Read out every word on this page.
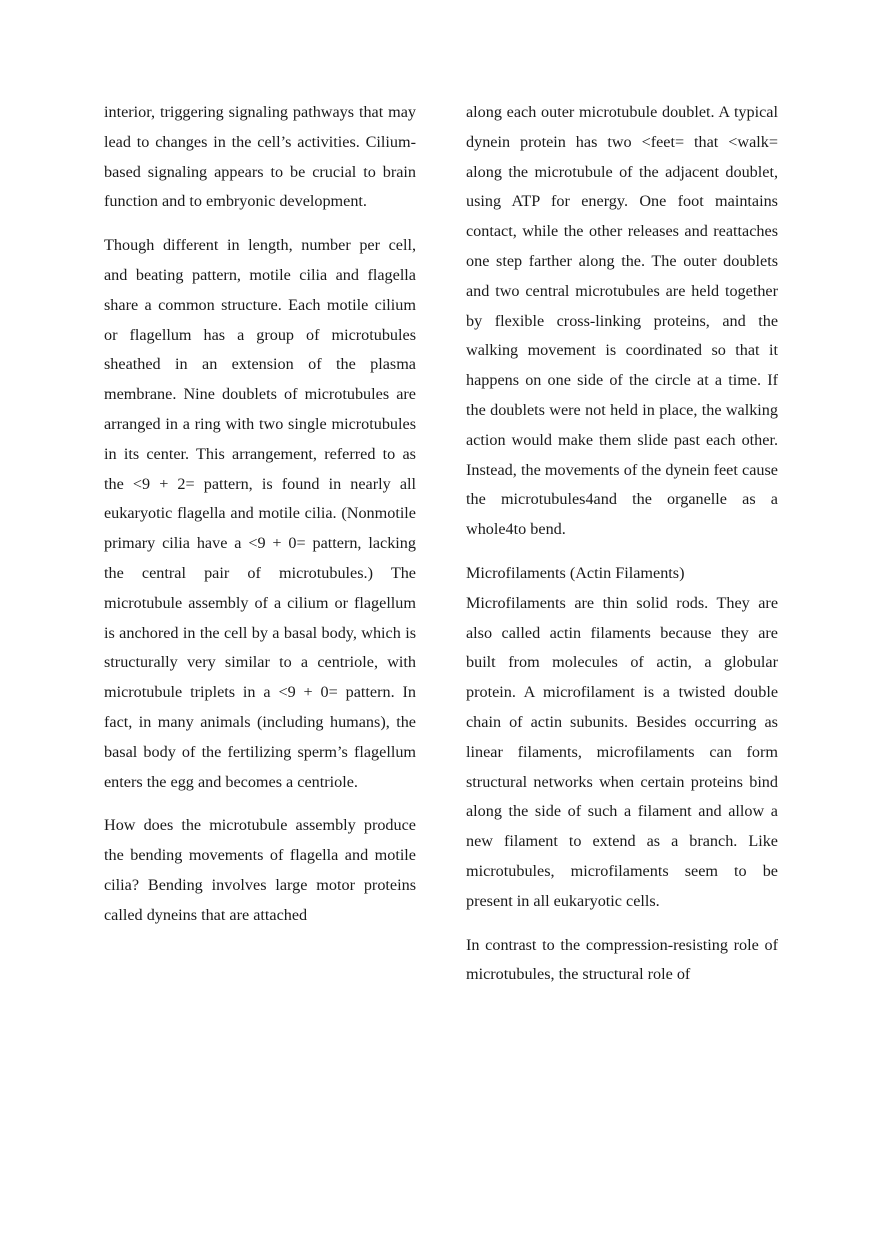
interior, triggering signaling pathways that may lead to changes in the cell’s activities. Cilium-based signaling appears to be crucial to brain function and to embryonic development.

Though different in length, number per cell, and beating pattern, motile cilia and flagella share a common structure. Each motile cilium or flagellum has a group of microtubules sheathed in an extension of the plasma membrane. Nine doublets of microtubules are arranged in a ring with two single microtubules in its center. This arrangement, referred to as the <9 + 2= pattern, is found in nearly all eukaryotic flagella and motile cilia. (Nonmotile primary cilia have a <9 + 0= pattern, lacking the central pair of microtubules.) The microtubule assembly of a cilium or flagellum is anchored in the cell by a basal body, which is structurally very similar to a centriole, with microtubule triplets in a <9 + 0= pattern. In fact, in many animals (including humans), the basal body of the fertilizing sperm’s flagellum enters the egg and becomes a centriole.

How does the microtubule assembly produce the bending movements of flagella and motile cilia? Bending involves large motor proteins called dyneins that are attached

along each outer microtubule doublet. A typical dynein protein has two <feet= that <walk= along the microtubule of the adjacent doublet, using ATP for energy. One foot maintains contact, while the other releases and reattaches one step farther along the. The outer doublets and two central microtubules are held together by flexible cross-linking proteins, and the walking movement is coordinated so that it happens on one side of the circle at a time. If the doublets were not held in place, the walking action would make them slide past each other. Instead, the movements of the dynein feet cause the microtubules4and the organelle as a whole4to bend.

Microfilaments (Actin Filaments)

Microfilaments are thin solid rods. They are also called actin filaments because they are built from molecules of actin, a globular protein. A microfilament is a twisted double chain of actin subunits. Besides occurring as linear filaments, microfilaments can form structural networks when certain proteins bind along the side of such a filament and allow a new filament to extend as a branch. Like microtubules, microfilaments seem to be present in all eukaryotic cells.

In contrast to the compression-resisting role of microtubules, the structural role of
